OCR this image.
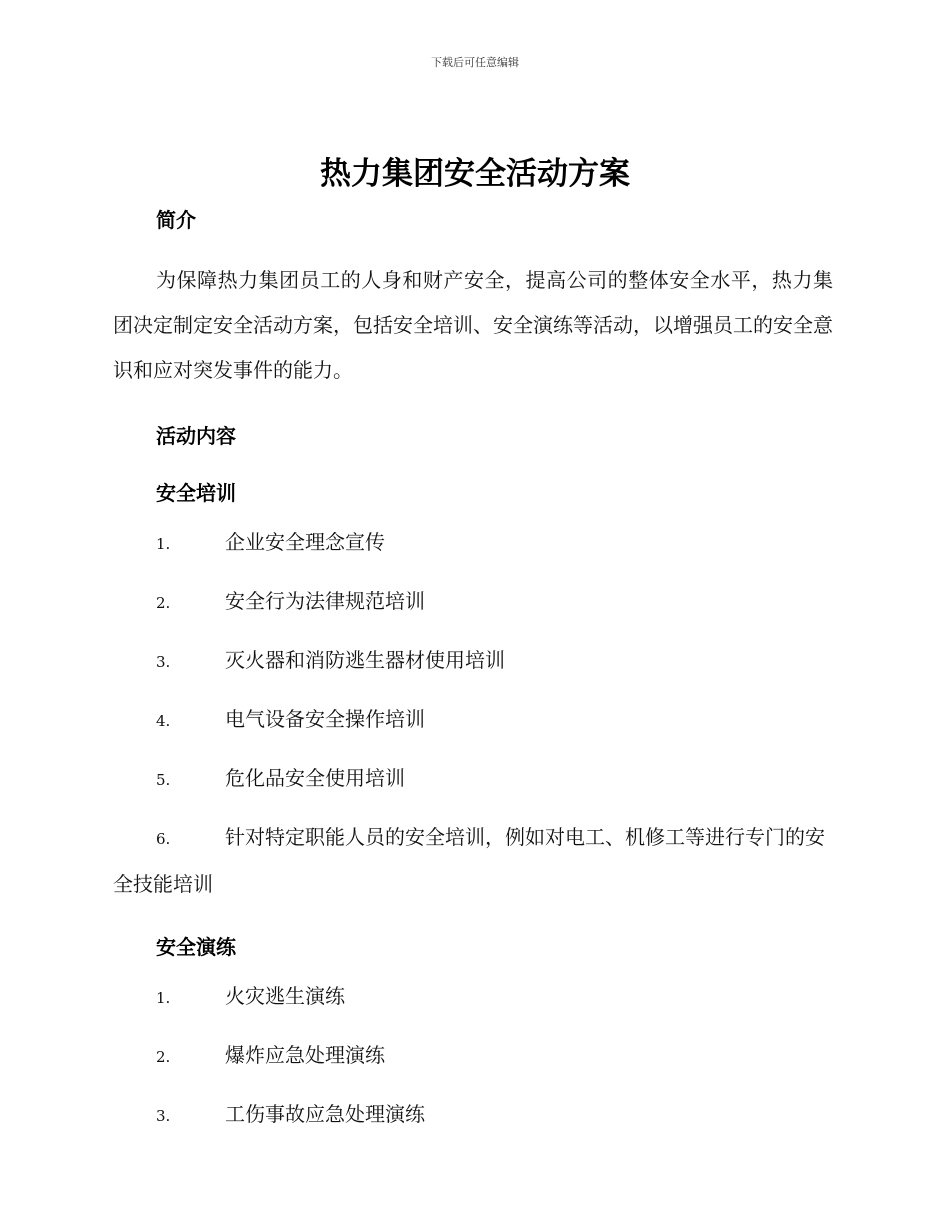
下载后可任意编辑
热力集团安全活动方案
简介

为保障热力集团员工的人身和财产安全，提高公司的整体安全水平，热力集团决定制定安全活动方案，包括安全培训、安全演练等活动，以增强员工的安全意识和应对突发事件的能力。

活动内容
安全培训

1.	企业安全理念宣传

2.	安全行为法律规范培训

3.	灭火器和消防逃生器材使用培训

4.	电气设备安全操作培训

5.	危化品安全使用培训

6.	针对特定职能人员的安全培训，例如对电工、机修工等进行专门的安全技能培训

安全演练

1.	火灾逃生演练

2.	爆炸应急处理演练

3.	工伤事故应急处理演练
